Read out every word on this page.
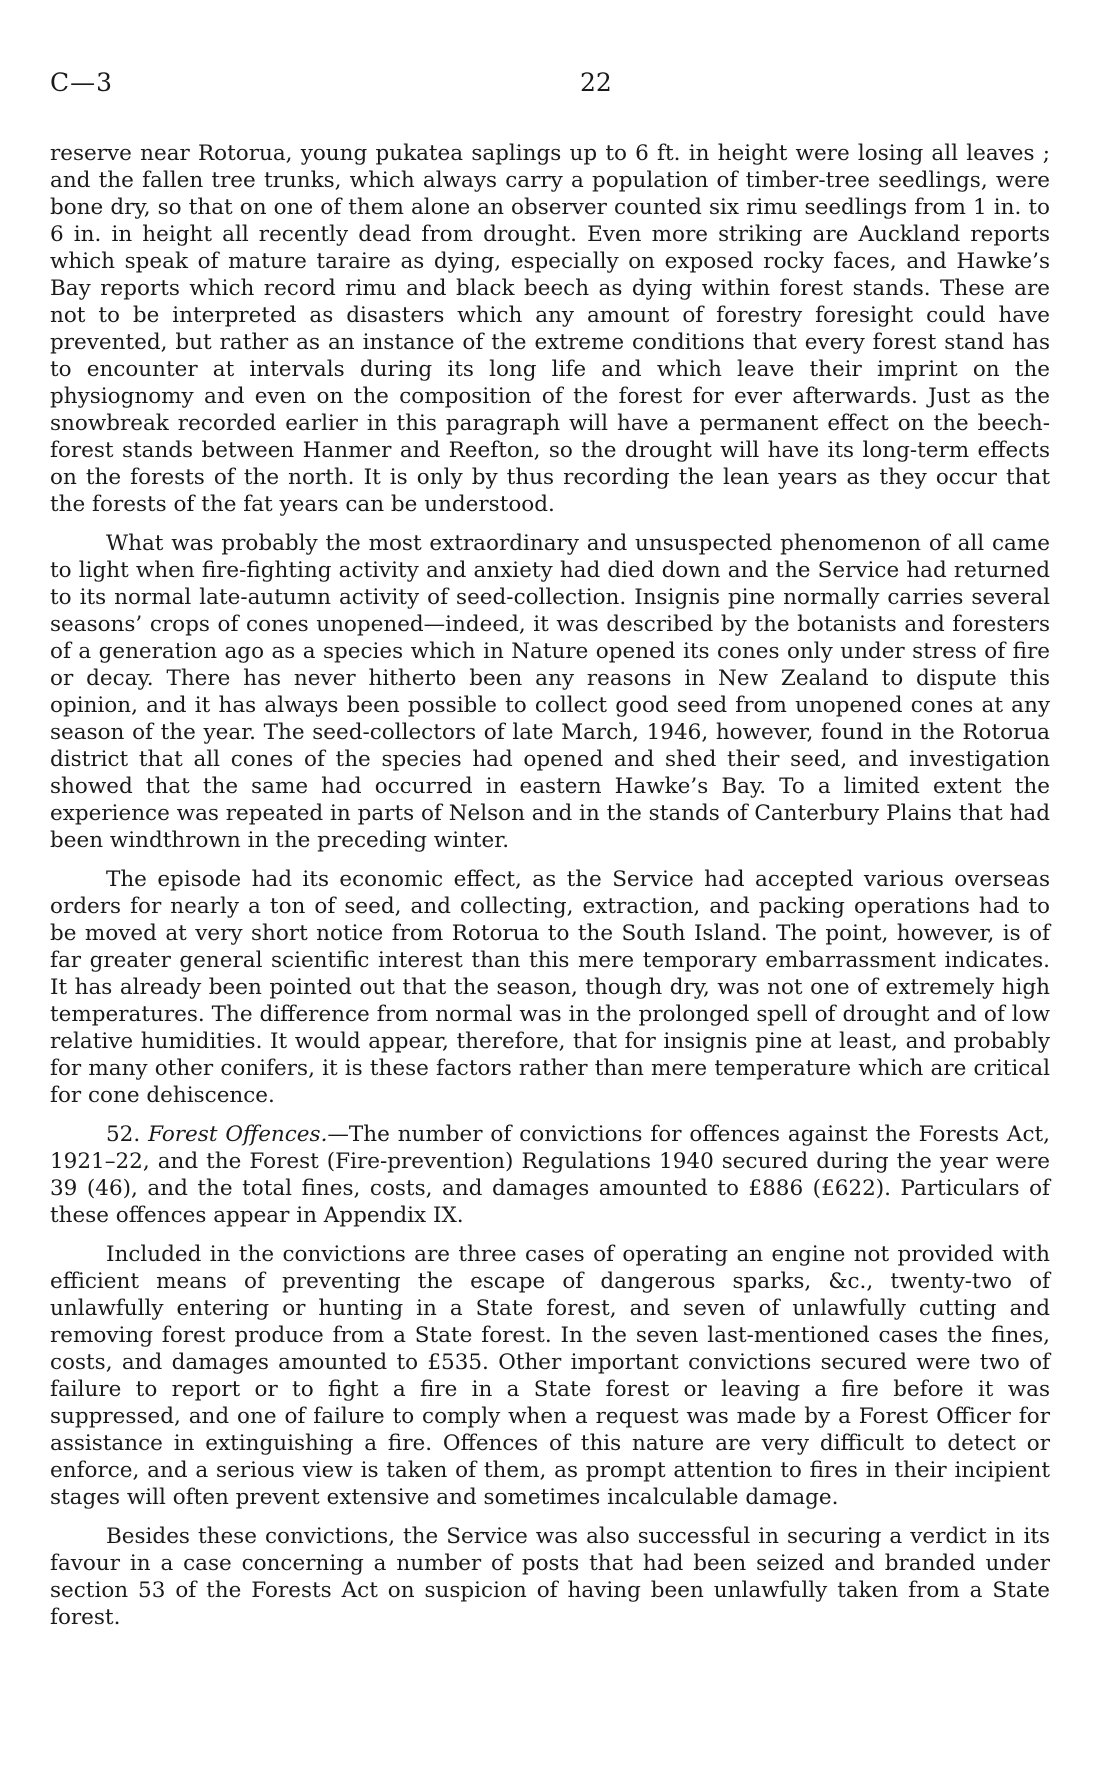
C—3	22

reserve near Rotorua, young pukatea saplings up to 6 ft. in height were losing all leaves ; and the fallen tree trunks, which always carry a population of timber-tree seedlings, were bone dry, so that on one of them alone an observer counted six rimu seedlings from 1 in. to 6 in. in height all recently dead from drought. Even more striking are Auckland reports which speak of mature taraire as dying, especially on exposed rocky faces, and Hawke’s Bay reports which record rimu and black beech as dying within forest stands. These are not to be interpreted as disasters which any amount of forestry foresight could have prevented, but rather as an instance of the extreme conditions that every forest stand has to encounter at intervals during its long life and which leave their imprint on the physiognomy and even on the composition of the forest for ever afterwards. Just as the snowbreak recorded earlier in this paragraph will have a permanent effect on the beech-forest stands between Hanmer and Reefton, so the drought will have its long-term effects on the forests of the north. It is only by thus recording the lean years as they occur that the forests of the fat years can be understood.

What was probably the most extraordinary and unsuspected phenomenon of all came to light when fire-fighting activity and anxiety had died down and the Service had returned to its normal late-autumn activity of seed-collection. Insignis pine normally carries several seasons’ crops of cones unopened—indeed, it was described by the botanists and foresters of a generation ago as a species which in Nature opened its cones only under stress of fire or decay. There has never hitherto been any reasons in New Zealand to dispute this opinion, and it has always been possible to collect good seed from unopened cones at any season of the year. The seed-collectors of late March, 1946, however, found in the Rotorua district that all cones of the species had opened and shed their seed, and investigation showed that the same had occurred in eastern Hawke’s Bay. To a limited extent the experience was repeated in parts of Nelson and in the stands of Canterbury Plains that had been windthrown in the preceding winter.

The episode had its economic effect, as the Service had accepted various overseas orders for nearly a ton of seed, and collecting, extraction, and packing operations had to be moved at very short notice from Rotorua to the South Island. The point, however, is of far greater general scientific interest than this mere temporary embarrassment indicates. It has already been pointed out that the season, though dry, was not one of extremely high temperatures. The difference from normal was in the prolonged spell of drought and of low relative humidities. It would appear, therefore, that for insignis pine at least, and probably for many other conifers, it is these factors rather than mere temperature which are critical for cone dehiscence.

52. Forest Offences.—The number of convictions for offences against the Forests Act, 1921–22, and the Forest (Fire-prevention) Regulations 1940 secured during the year were 39 (46), and the total fines, costs, and damages amounted to £886 (£622). Particulars of these offences appear in Appendix IX.

Included in the convictions are three cases of operating an engine not provided with efficient means of preventing the escape of dangerous sparks, &c., twenty-two of unlawfully entering or hunting in a State forest, and seven of unlawfully cutting and removing forest produce from a State forest. In the seven last-mentioned cases the fines, costs, and damages amounted to £535. Other important convictions secured were two of failure to report or to fight a fire in a State forest or leaving a fire before it was suppressed, and one of failure to comply when a request was made by a Forest Officer for assistance in extinguishing a fire. Offences of this nature are very difficult to detect or enforce, and a serious view is taken of them, as prompt attention to fires in their incipient stages will often prevent extensive and sometimes incalculable damage.

Besides these convictions, the Service was also successful in securing a verdict in its favour in a case concerning a number of posts that had been seized and branded under section 53 of the Forests Act on suspicion of having been unlawfully taken from a State forest.
